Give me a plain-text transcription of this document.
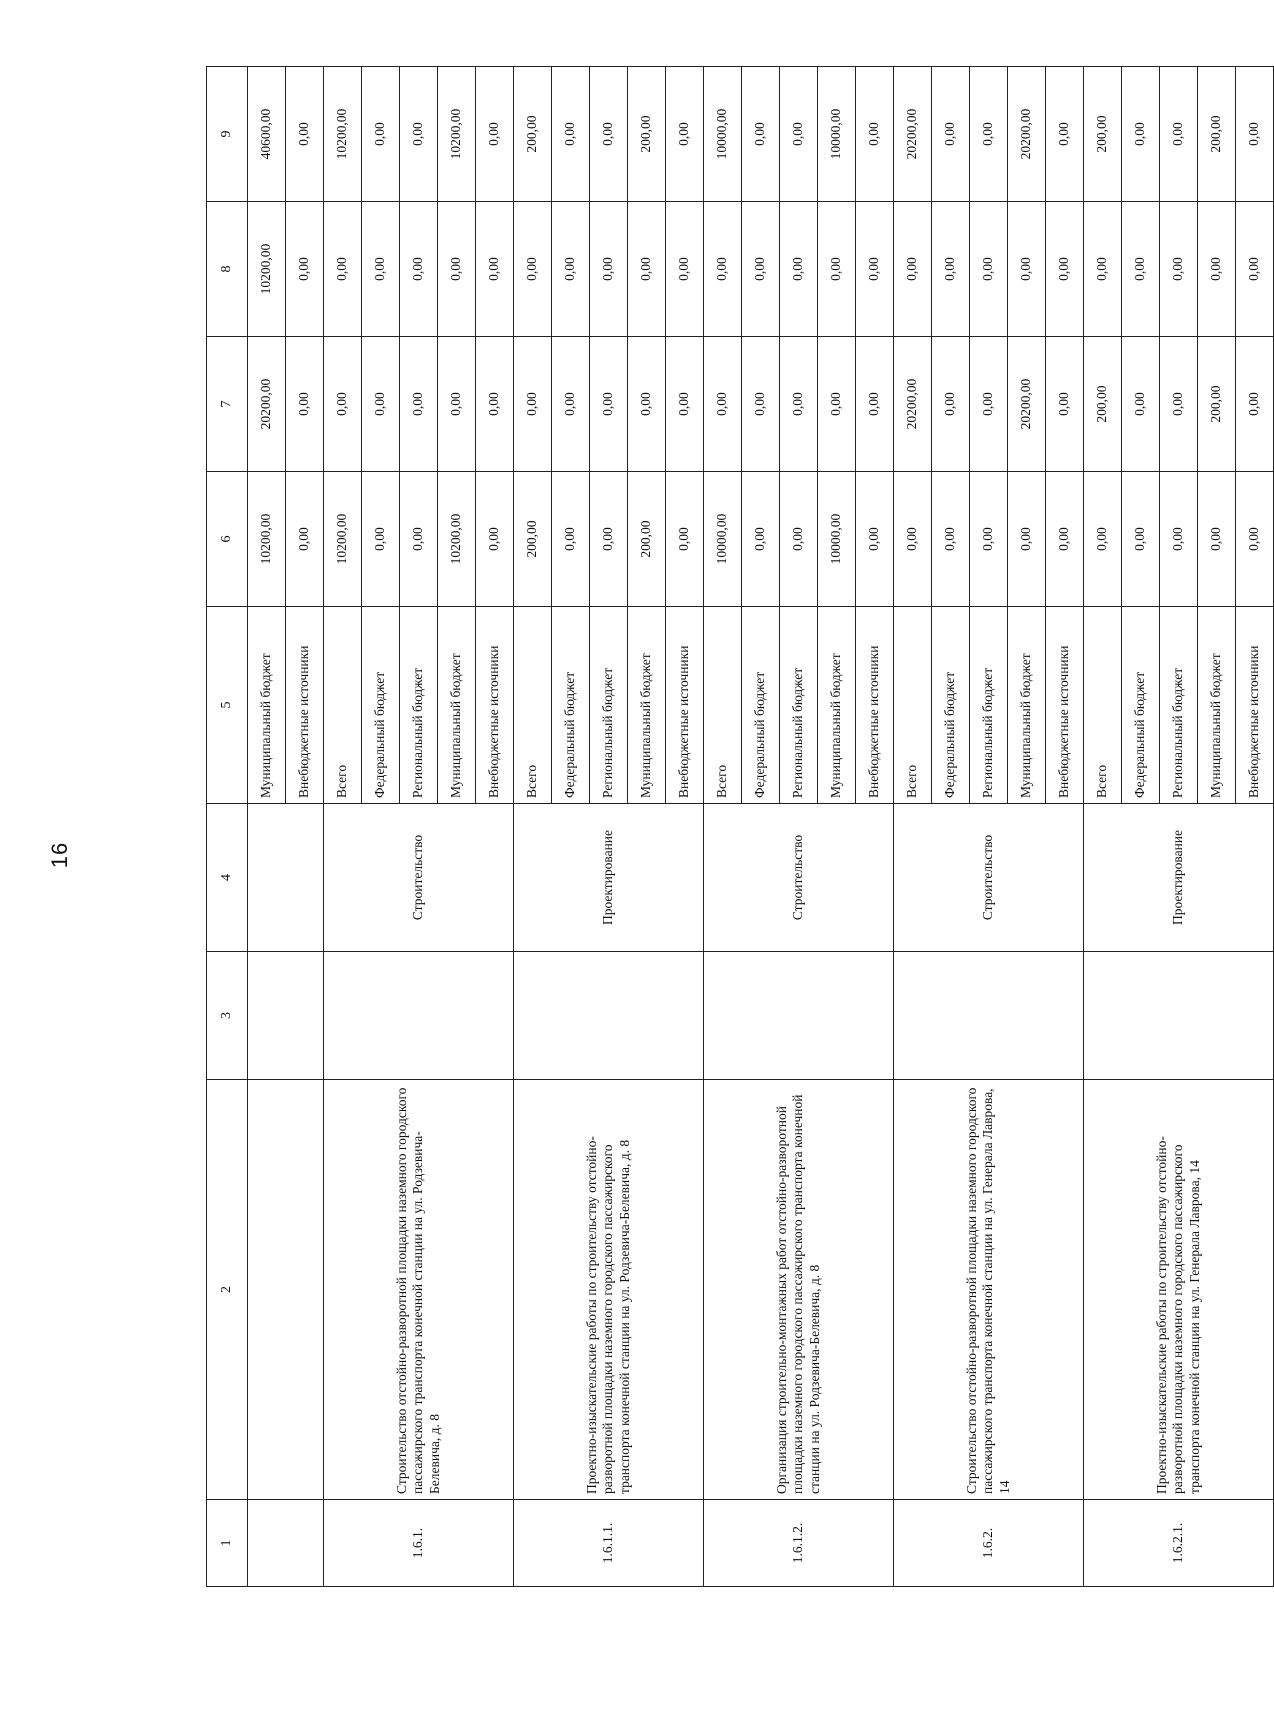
16
1	2	3	4	5	6	7	8	9
				Муниципальный бюджет	10200,00	20200,00	10200,00	40600,00
				Внебюджетные источники	0,00	0,00	0,00	0,00
1.6.1.	Строительство отстойно-разворотной площадки наземного городского пассажирского транспорта конечной станции на ул. Родзевича-Белевича, д. 8		Строительство	Всего	10200,00	0,00	0,00	10200,00
				Федеральный бюджет	0,00	0,00	0,00	0,00
				Региональный бюджет	0,00	0,00	0,00	0,00
				Муниципальный бюджет	10200,00	0,00	0,00	10200,00
				Внебюджетные источники	0,00	0,00	0,00	0,00
1.6.1.1.	Проектно-изыскательские работы по строительству отстойно-разворотной площадки наземного городского пассажирского транспорта конечной станции на ул. Родзевича-Белевича, д. 8		Проектирование	Всего	200,00	0,00	0,00	200,00
				Федеральный бюджет	0,00	0,00	0,00	0,00
				Региональный бюджет	0,00	0,00	0,00	0,00
				Муниципальный бюджет	200,00	0,00	0,00	200,00
				Внебюджетные источники	0,00	0,00	0,00	0,00
1.6.1.2.	Организация строительно-монтажных работ отстойно-разворотной площадки наземного городского пассажирского транспорта конечной станции на ул. Родзевича-Белевича, д. 8		Строительство	Всего	10000,00	0,00	0,00	10000,00
				Федеральный бюджет	0,00	0,00	0,00	0,00
				Региональный бюджет	0,00	0,00	0,00	0,00
				Муниципальный бюджет	10000,00	0,00	0,00	10000,00
				Внебюджетные источники	0,00	0,00	0,00	0,00
1.6.2.	Строительство отстойно-разворотной площадки наземного городского пассажирского транспорта конечной станции на ул. Генерала Лаврова, 14		Строительство	Всего	0,00	20200,00	0,00	20200,00
				Федеральный бюджет	0,00	0,00	0,00	0,00
				Региональный бюджет	0,00	0,00	0,00	0,00
				Муниципальный бюджет	0,00	20200,00	0,00	20200,00
				Внебюджетные источники	0,00	0,00	0,00	0,00
1.6.2.1.	Проектно-изыскательские работы по строительству отстойно-разворотной площадки наземного городского пассажирского транспорта конечной станции на ул. Генерала Лаврова, 14		Проектирование	Всего	0,00	200,00	0,00	200,00
				Федеральный бюджет	0,00	0,00	0,00	0,00
				Региональный бюджет	0,00	0,00	0,00	0,00
				Муниципальный бюджет	0,00	200,00	0,00	200,00
				Внебюджетные источники	0,00	0,00	0,00	0,00
